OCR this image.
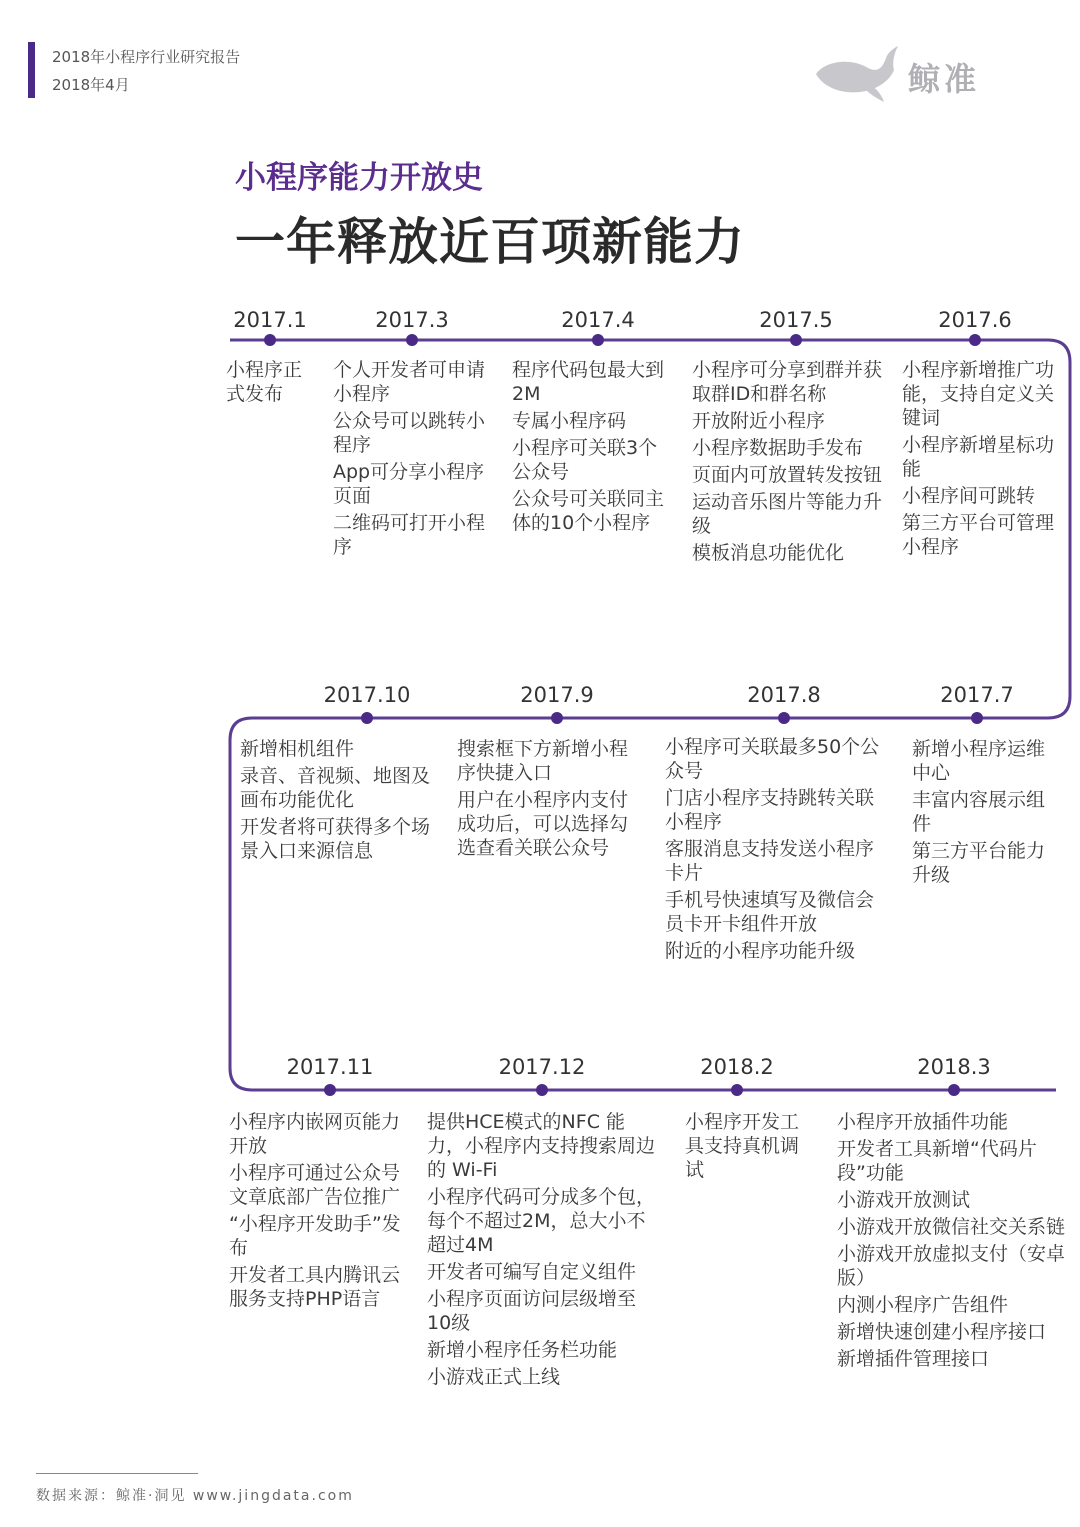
2018年小程序行业研究报告
2018年4月	鲸准
小程序能力开放史
一年释放近百项新能力
2017.1
小程序正式发布
2017.3
个人开发者可申请小程序
公众号可以跳转小程序
App可分享小程序页面
二维码可打开小程序
2017.4
程序代码包最大到2M
专属小程序码
小程序可关联3个公众号
公众号可关联同主体的10个小程序
2017.5
小程序可分享到群并获取群ID和群名称
开放附近小程序
小程序数据助手发布
页面内可放置转发按钮
运动音乐图片等能力升级
模板消息功能优化
2017.6
小程序新增推广功能，支持自定义关键词
小程序新增星标功能
小程序间可跳转
第三方平台可管理小程序
2017.7
新增小程序运维中心
丰富内容展示组件
第三方平台能力升级
2017.8
小程序可关联最多50个公众号
门店小程序支持跳转关联小程序
客服消息支持发送小程序卡片
手机号快速填写及微信会员卡开卡组件开放
附近的小程序功能升级
2017.9
搜索框下方新增小程序快捷入口
用户在小程序内支付成功后，可以选择勾选查看关联公众号
2017.10
新增相机组件
录音、音视频、地图及画布功能优化
开发者将可获得多个场景入口来源信息
2017.11
小程序内嵌网页能力开放
小程序可通过公众号文章底部广告位推广
“小程序开发助手”发布
开发者工具内腾讯云服务支持PHP语言
2017.12
提供HCE模式的NFC 能力，小程序内支持搜索周边的 Wi-Fi
小程序代码可分成多个包，每个不超过2M，总大小不超过4M
开发者可编写自定义组件
小程序页面访问层级增至10级
新增小程序任务栏功能
小游戏正式上线
2018.2
小程序开发工具支持真机调试
2018.3
小程序开放插件功能
开发者工具新增“代码片段”功能
小游戏开放测试
小游戏开放微信社交关系链
小游戏开放虚拟支付（安卓版）
内测小程序广告组件
新增快速创建小程序接口
新增插件管理接口
数据来源：鲸准·洞见 www.jingdata.com
